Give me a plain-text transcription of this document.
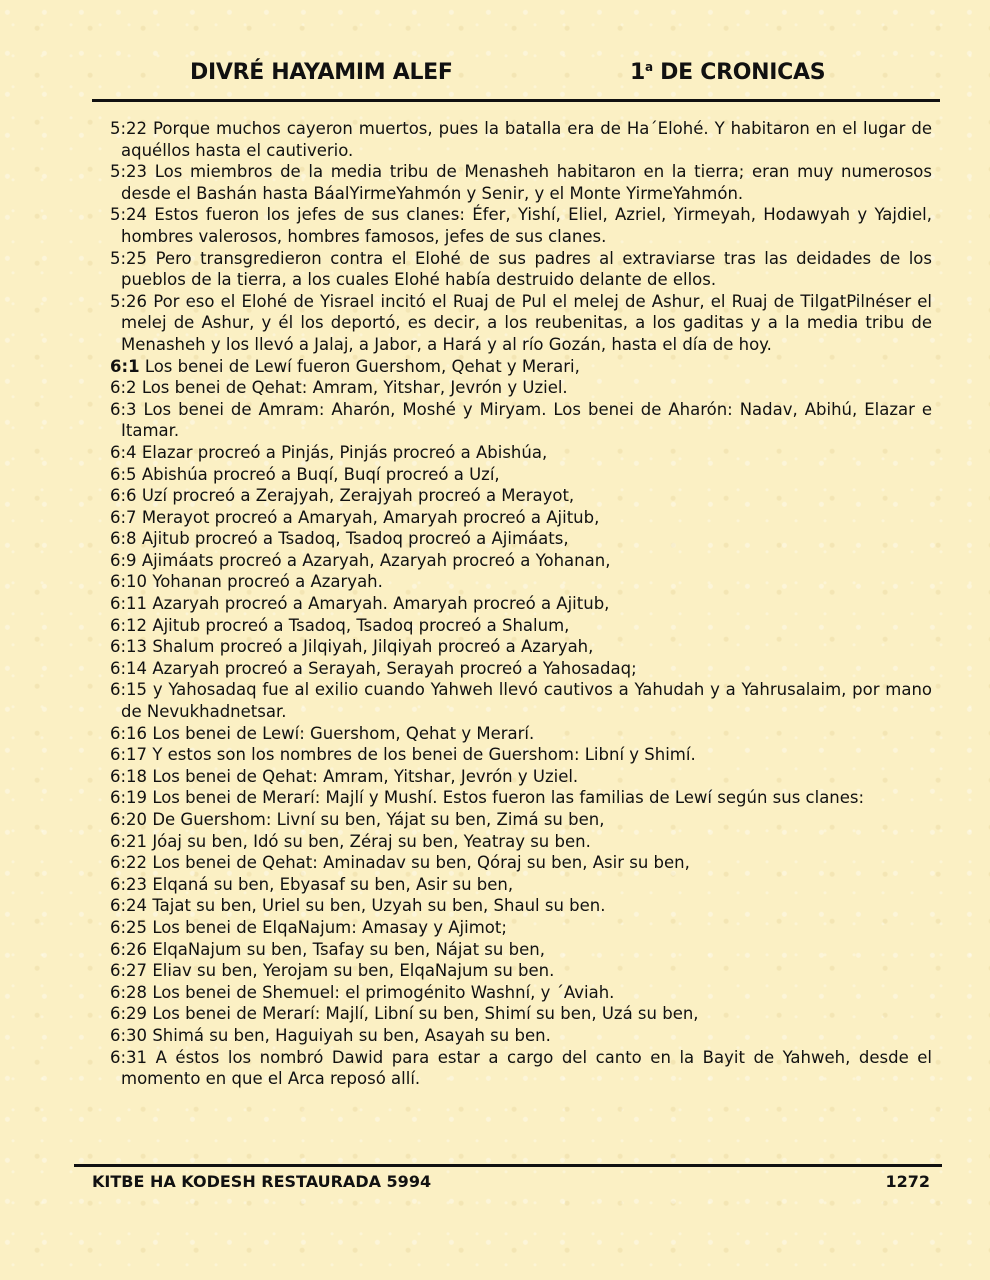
DIVRÉ HAYAMIM ALEF	1$^a$ DE CRONICAS

5:22 Porque muchos cayeron muertos, pues la batalla era de Ha´Elohé. Y habitaron en el lugar de aquéllos hasta el cautiverio.

5:23 Los miembros de la media tribu de Menasheh habitaron en la tierra; eran muy numerosos desde el Bashán hasta BáalYirmeYahmón y Senir, y el Monte YirmeYahmón.

5:24 Estos fueron los jefes de sus clanes: Éfer, Yishí, Eliel, Azriel, Yirmeyah, Hodawyah y Yajdiel, hombres valerosos, hombres famosos, jefes de sus clanes.

5:25 Pero transgredieron contra el Elohé de sus padres al extraviarse tras las deidades de los pueblos de la tierra, a los cuales Elohé había destruido delante de ellos.

5:26 Por eso el Elohé de Yisrael incitó el Ruaj de Pul el melej de Ashur, el Ruaj de TilgatPilnéser el melej de Ashur, y él los deportó, es decir, a los reubenitas, a los gaditas y a la media tribu de Menasheh y los llevó a Jalaj, a Jabor, a Hará y al río Gozán, hasta el día de hoy.

6:1 Los benei de Lewí fueron Guershom, Qehat y Merari,

6:2 Los benei de Qehat: Amram, Yitshar, Jevrón y Uziel.

6:3 Los benei de Amram: Aharón, Moshé y Miryam. Los benei de Aharón: Nadav, Abihú, Elazar e Itamar.

6:4 Elazar procreó a Pinjás, Pinjás procreó a Abishúa,

6:5 Abishúa procreó a Buqí, Buqí procreó a Uzí,

6:6 Uzí procreó a Zerajyah, Zerajyah procreó a Merayot,

6:7 Merayot procreó a Amaryah, Amaryah procreó a Ajitub,

6:8 Ajitub procreó a Tsadoq, Tsadoq procreó a Ajimáats,

6:9 Ajimáats procreó a Azaryah, Azaryah procreó a Yohanan,

6:10 Yohanan procreó a Azaryah.

6:11 Azaryah procreó a Amaryah. Amaryah procreó a Ajitub,

6:12 Ajitub procreó a Tsadoq, Tsadoq procreó a Shalum,

6:13 Shalum procreó a Jilqiyah, Jilqiyah procreó a Azaryah,

6:14 Azaryah procreó a Serayah, Serayah procreó a Yahosadaq;

6:15 y Yahosadaq fue al exilio cuando Yahweh llevó cautivos a Yahudah y a Yahrusalaim, por mano de Nevukhadnetsar.

6:16 Los benei de Lewí: Guershom, Qehat y Merarí.

6:17 Y estos son los nombres de los benei de Guershom: Libní y Shimí.

6:18 Los benei de Qehat: Amram, Yitshar, Jevrón y Uziel.

6:19 Los benei de Merarí: Majlí y Mushí. Estos fueron las familias de Lewí según sus clanes:

6:20 De Guershom: Livní su ben, Yájat su ben, Zimá su ben,

6:21 Jóaj su ben, Idó su ben, Zéraj su ben, Yeatray su ben.

6:22 Los benei de Qehat: Aminadav su ben, Qóraj su ben, Asir su ben,

6:23 Elqaná su ben, Ebyasaf su ben, Asir su ben,

6:24 Tajat su ben, Uriel su ben, Uzyah su ben, Shaul su ben.

6:25 Los benei de ElqaNajum: Amasay y Ajimot;

6:26 ElqaNajum su ben, Tsafay su ben, Nájat su ben,

6:27 Eliav su ben, Yerojam su ben, ElqaNajum su ben.

6:28 Los benei de Shemuel: el primogénito Washní, y ´Aviah.

6:29 Los benei de Merarí: Majlí, Libní su ben, Shimí su ben, Uzá su ben,

6:30 Shimá su ben, Haguiyah su ben, Asayah su ben.

6:31 A éstos los nombró Dawid para estar a cargo del canto en la Bayit de Yahweh, desde el momento en que el Arca reposó allí.

KITBE HA KODESH RESTAURADA 5994	1272
